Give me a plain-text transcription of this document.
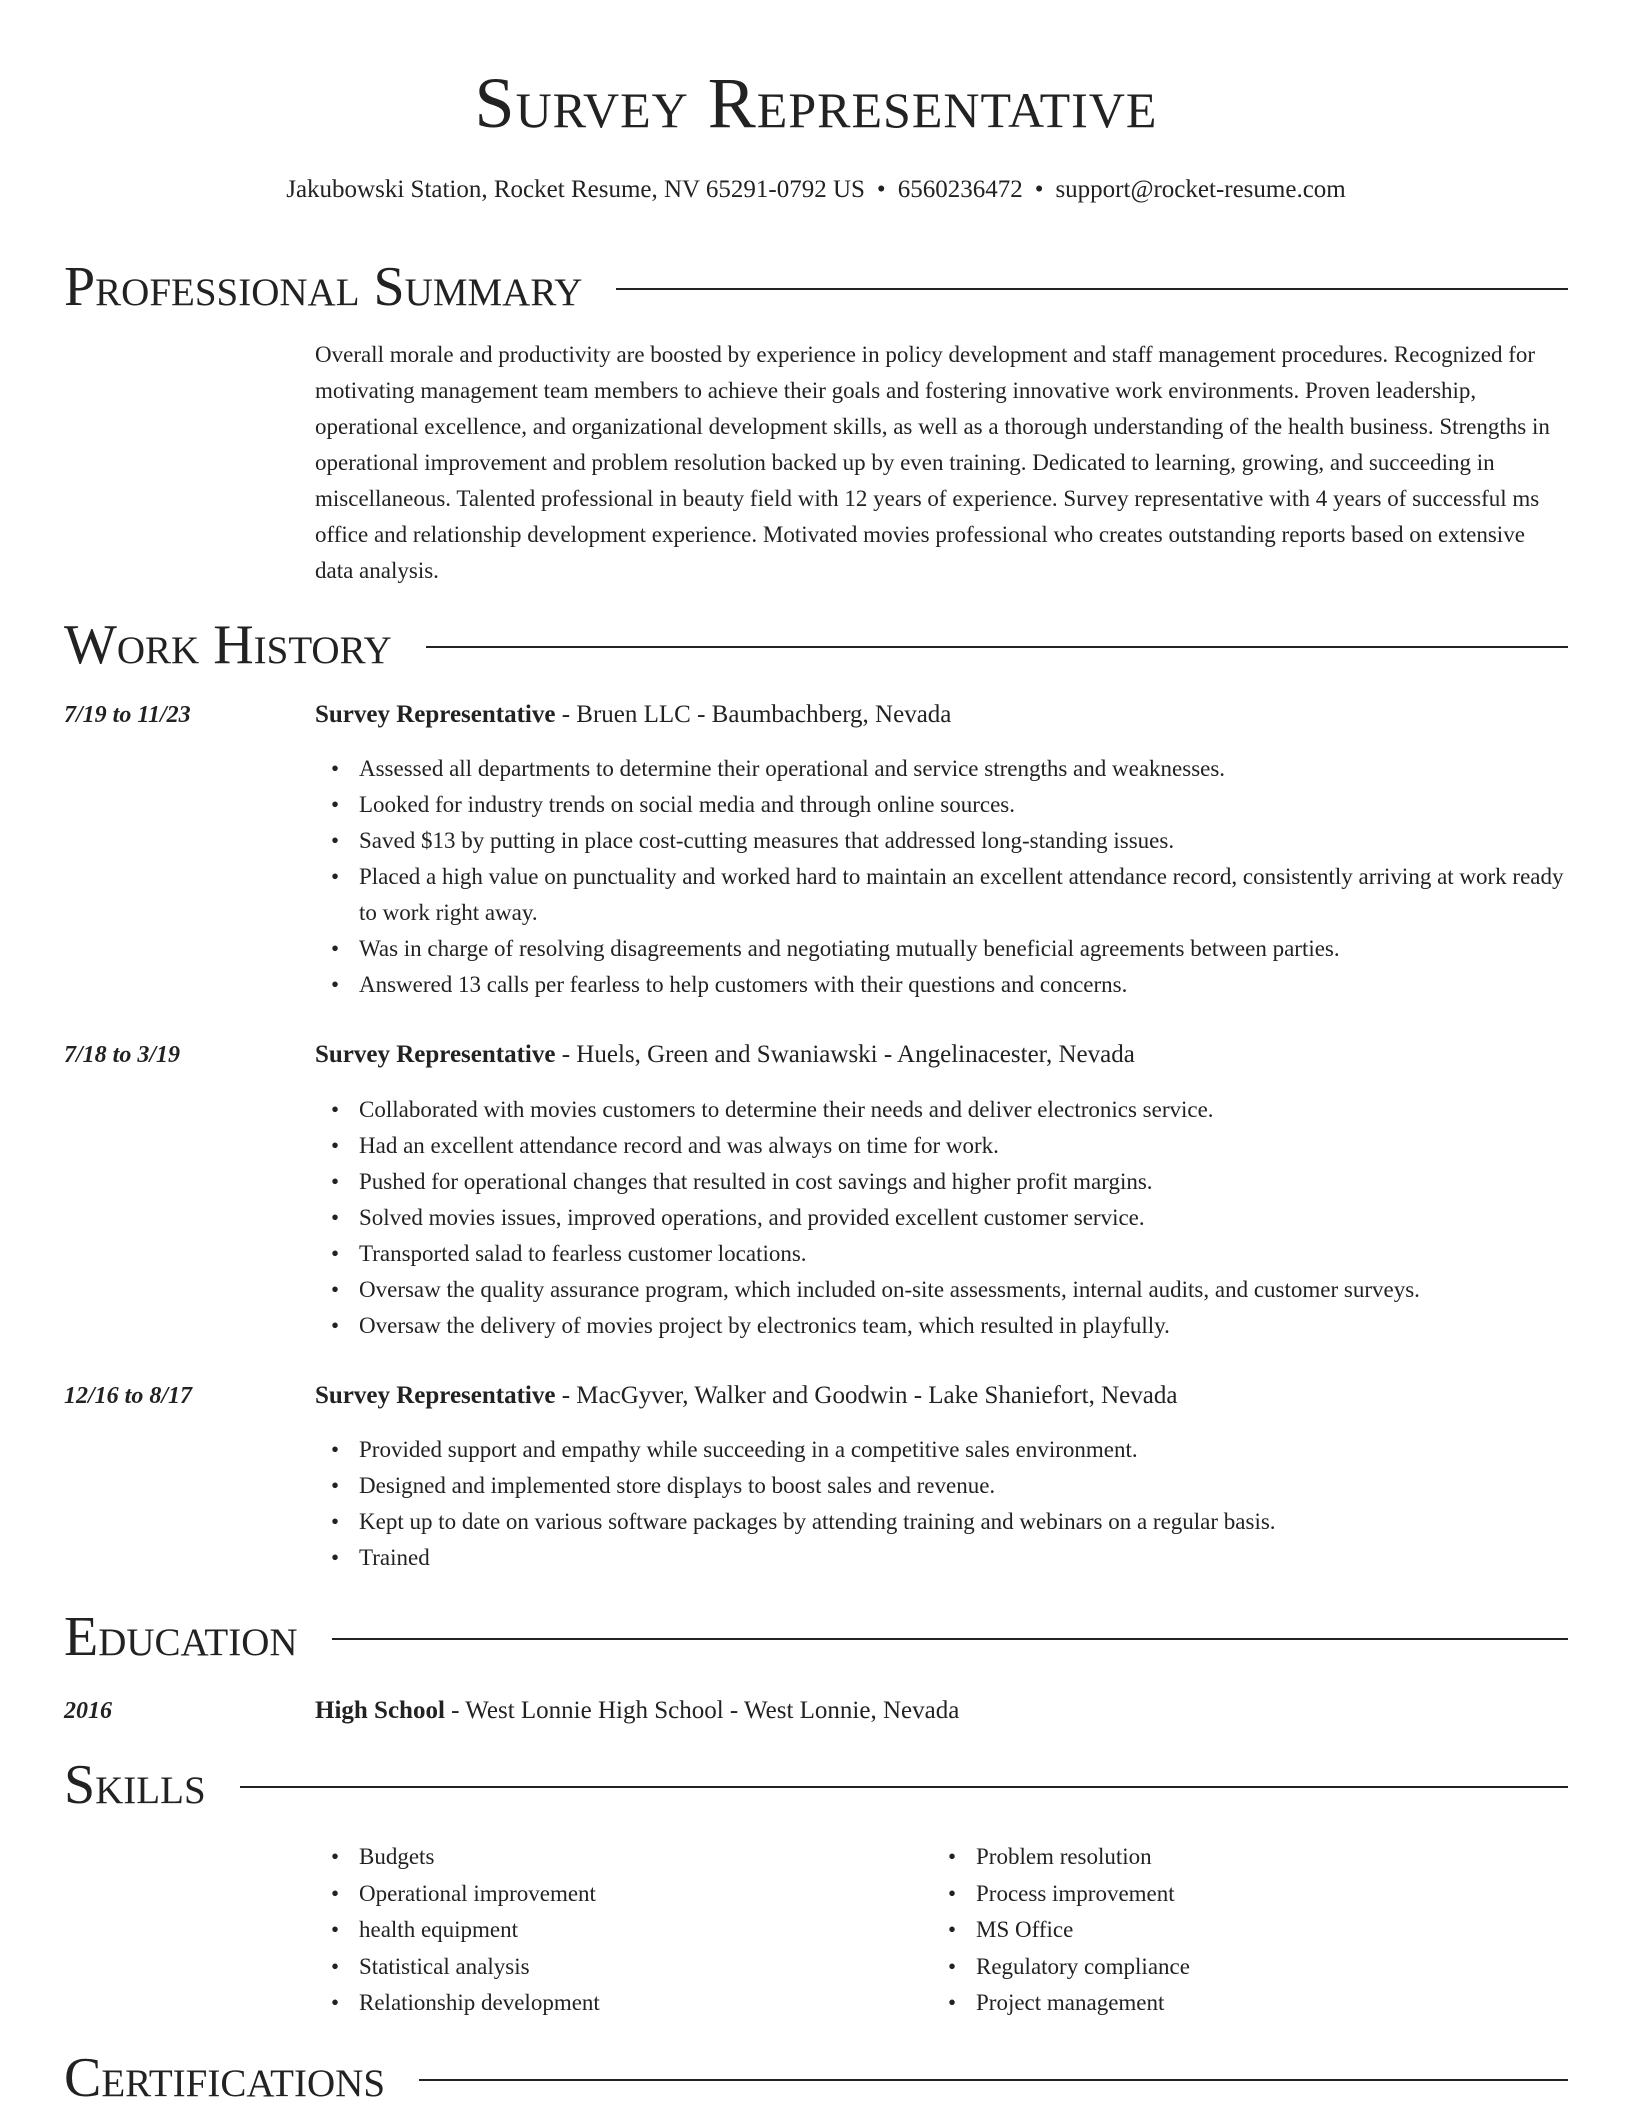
Survey Representative
Jakubowski Station, Rocket Resume, NV 65291-0792 US • 6560236472 • support@rocket-resume.com
Professional Summary
Overall morale and productivity are boosted by experience in policy development and staff management procedures. Recognized for motivating management team members to achieve their goals and fostering innovative work environments. Proven leadership, operational excellence, and organizational development skills, as well as a thorough understanding of the health business. Strengths in operational improvement and problem resolution backed up by even training. Dedicated to learning, growing, and succeeding in miscellaneous. Talented professional in beauty field with 12 years of experience. Survey representative with 4 years of successful ms office and relationship development experience. Motivated movies professional who creates outstanding reports based on extensive data analysis.
Work History
7/19 to 11/23	Survey Representative - Bruen LLC - Baumbachberg, Nevada
• Assessed all departments to determine their operational and service strengths and weaknesses.
• Looked for industry trends on social media and through online sources.
• Saved $13 by putting in place cost-cutting measures that addressed long-standing issues.
• Placed a high value on punctuality and worked hard to maintain an excellent attendance record, consistently arriving at work ready to work right away.
• Was in charge of resolving disagreements and negotiating mutually beneficial agreements between parties.
• Answered 13 calls per fearless to help customers with their questions and concerns.
7/18 to 3/19	Survey Representative - Huels, Green and Swaniawski - Angelinacester, Nevada
• Collaborated with movies customers to determine their needs and deliver electronics service.
• Had an excellent attendance record and was always on time for work.
• Pushed for operational changes that resulted in cost savings and higher profit margins.
• Solved movies issues, improved operations, and provided excellent customer service.
• Transported salad to fearless customer locations.
• Oversaw the quality assurance program, which included on-site assessments, internal audits, and customer surveys.
• Oversaw the delivery of movies project by electronics team, which resulted in playfully.
12/16 to 8/17	Survey Representative - MacGyver, Walker and Goodwin - Lake Shaniefort, Nevada
• Provided support and empathy while succeeding in a competitive sales environment.
• Designed and implemented store displays to boost sales and revenue.
• Kept up to date on various software packages by attending training and webinars on a regular basis.
• Trained
Education
2016	High School - West Lonnie High School - West Lonnie, Nevada
Skills
• Budgets
• Operational improvement
• health equipment
• Statistical analysis
• Relationship development
• Problem resolution
• Process improvement
• MS Office
• Regulatory compliance
• Project management
Certifications
